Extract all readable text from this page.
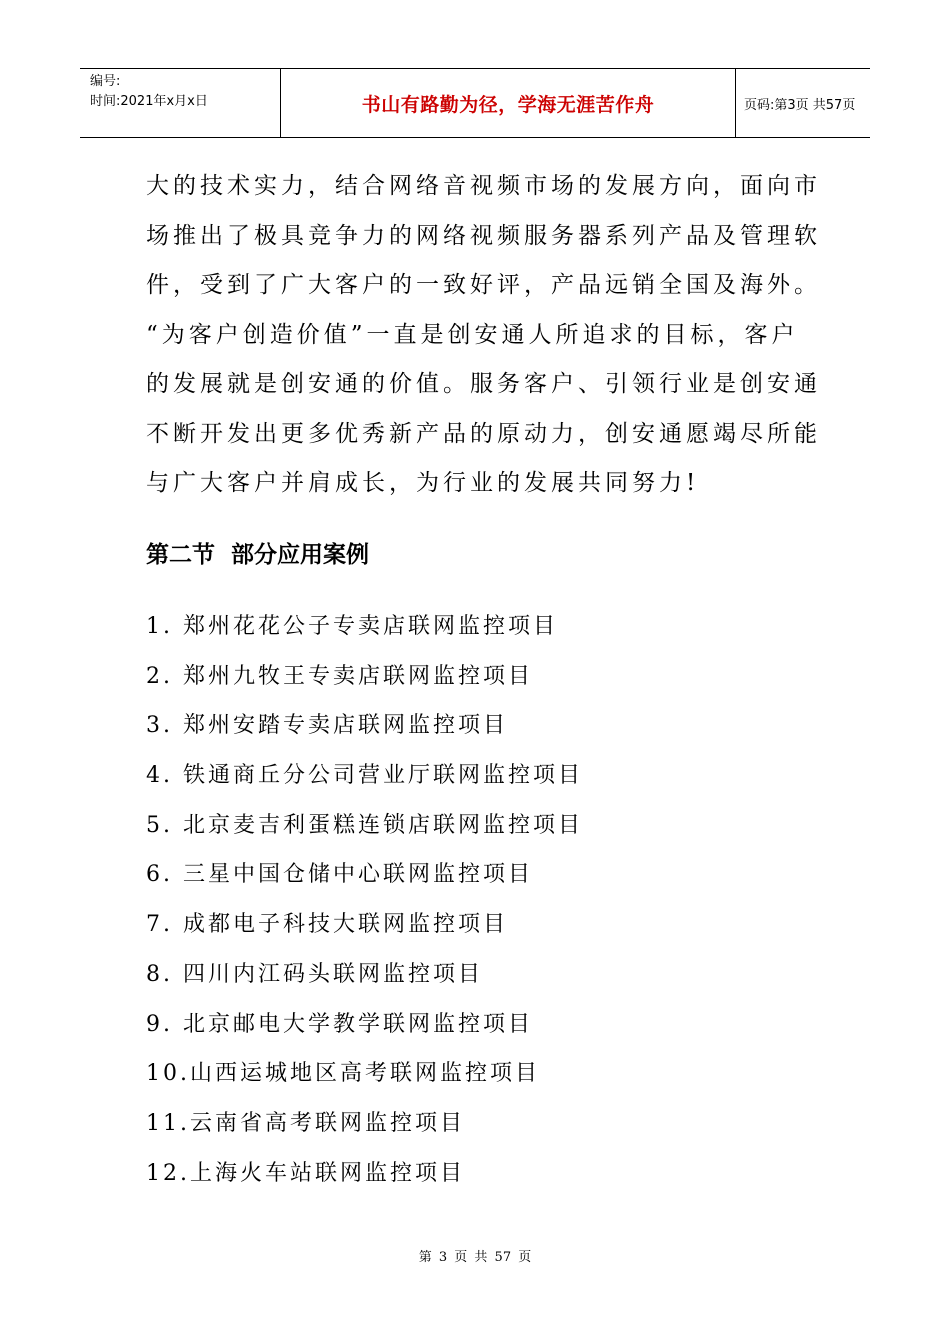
编号:
时间:2021年x月x日	书山有路勤为径，学海无涯苦作舟	页码:第3页 共57页

大的技术实力，结合网络音视频市场的发展方向，面向市

场推出了极具竞争力的网络视频服务器系列产品及管理软

件，受到了广大客户的一致好评，产品远销全国及海外。

“为客户创造价值”一直是创安通人所追求的目标，客户

的发展就是创安通的价值。服务客户、引领行业是创安通

不断开发出更多优秀新产品的原动力，创安通愿竭尽所能

与广大客户并肩成长，为行业的发展共同努力!

第二节  部分应用案例
1. 郑州花花公子专卖店联网监控项目
2. 郑州九牧王专卖店联网监控项目
3. 郑州安踏专卖店联网监控项目
4. 铁通商丘分公司营业厅联网监控项目
5. 北京麦吉利蛋糕连锁店联网监控项目
6. 三星中国仓储中心联网监控项目
7. 成都电子科技大联网监控项目
8. 四川内江码头联网监控项目
9. 北京邮电大学教学联网监控项目
10.山西运城地区高考联网监控项目
11.云南省高考联网监控项目
12.上海火车站联网监控项目
第 3 页 共 57 页
